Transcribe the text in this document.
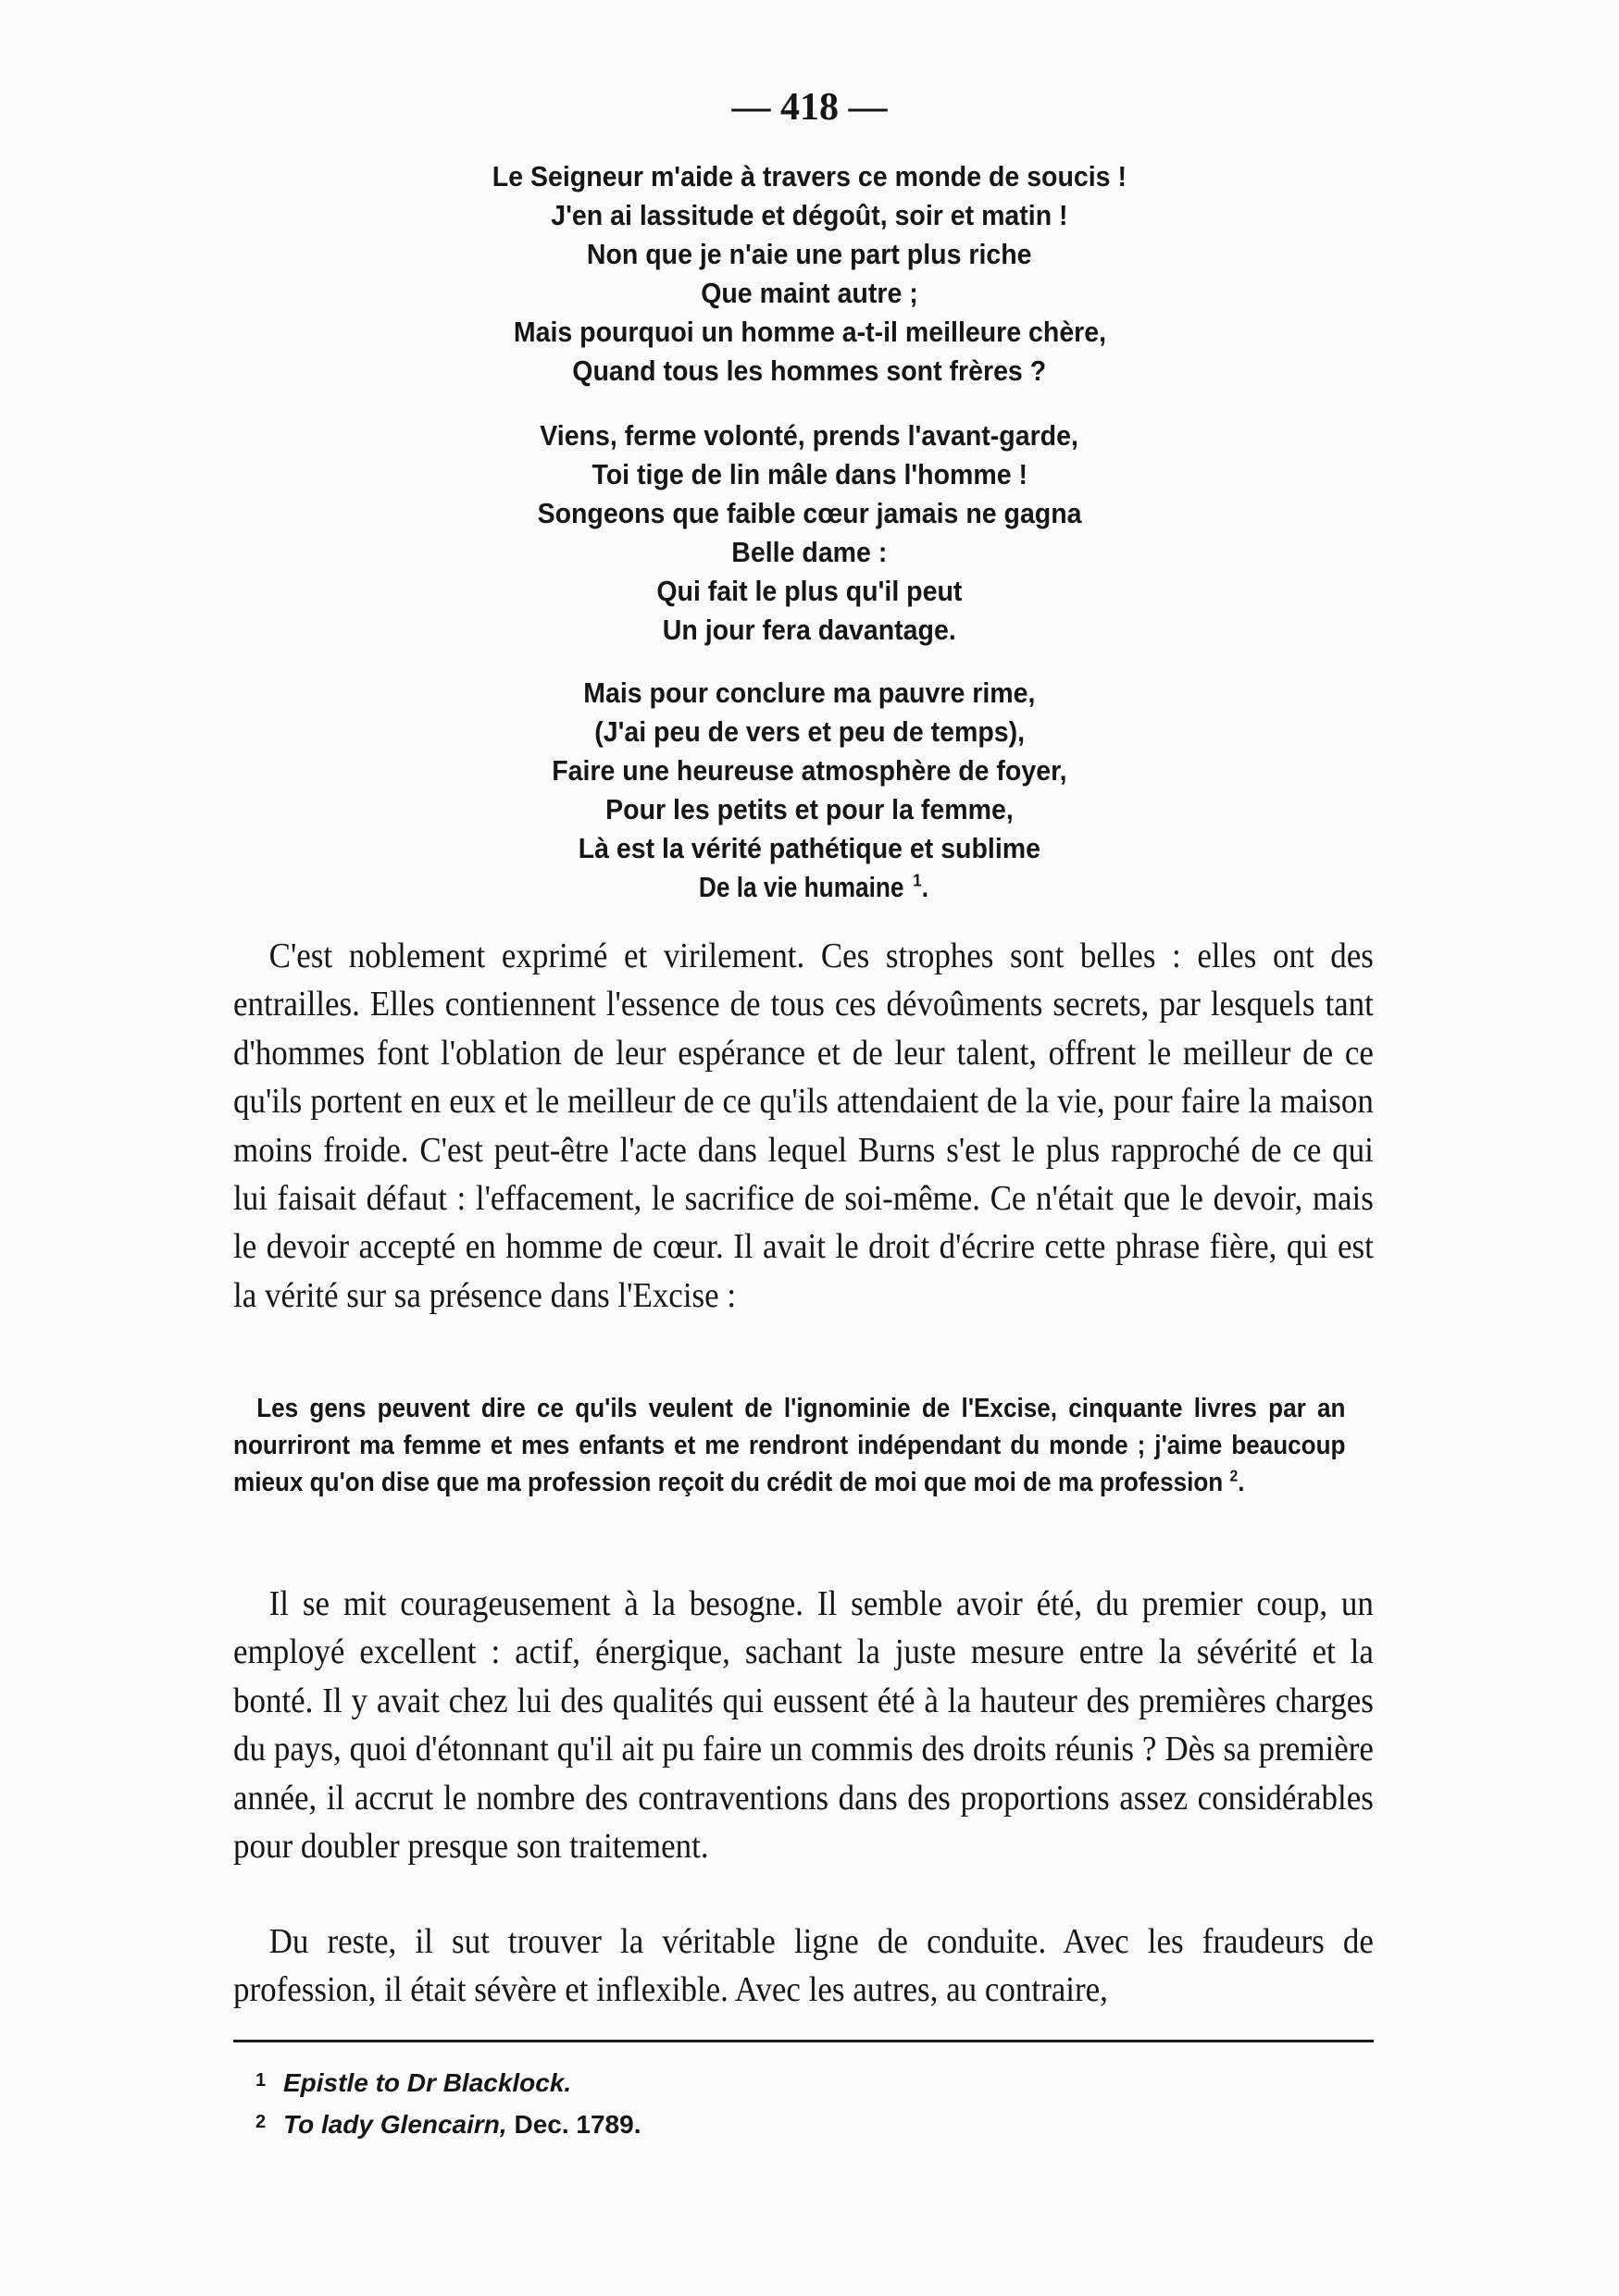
— 418 —
Le Seigneur m'aide à travers ce monde de soucis !
J'en ai lassitude et dégoût, soir et matin !
Non que je n'aie une part plus riche
Que maint autre ;
Mais pourquoi un homme a-t-il meilleure chère,
Quand tous les hommes sont frères ?
Viens, ferme volonté, prends l'avant-garde,
Toi tige de lin mâle dans l'homme !
Songeons que faible cœur jamais ne gagna
Belle dame :
Qui fait le plus qu'il peut
Un jour fera davantage.
Mais pour conclure ma pauvre rime,
(J'ai peu de vers et peu de temps),
Faire une heureuse atmosphère de foyer,
Pour les petits et pour la femme,
Là est la vérité pathétique et sublime
De la vie humaine $^1$.

C'est noblement exprimé et virilement. Ces strophes sont belles : elles ont des entrailles. Elles contiennent l'essence de tous ces dévoûments secrets, par lesquels tant d'hommes font l'oblation de leur espérance et de leur talent, offrent le meilleur de ce qu'ils portent en eux et le meilleur de ce qu'ils attendaient de la vie, pour faire la maison moins froide. C'est peut-être l'acte dans lequel Burns s'est le plus rapproché de ce qui lui faisait défaut : l'effacement, le sacrifice de soi-même. Ce n'était que le devoir, mais le devoir accepté en homme de cœur. Il avait le droit d'écrire cette phrase fière, qui est la vérité sur sa présence dans l'Excise :

Les gens peuvent dire ce qu'ils veulent de l'ignominie de l'Excise, cinquante livres par an nourriront ma femme et mes enfants et me rendront indépendant du monde ; j'aime beaucoup mieux qu'on dise que ma profession reçoit du crédit de moi que moi de ma profession $^2$.

Il se mit courageusement à la besogne. Il semble avoir été, du premier coup, un employé excellent : actif, énergique, sachant la juste mesure entre la sévérité et la bonté. Il y avait chez lui des qualités qui eussent été à la hauteur des premières charges du pays, quoi d'étonnant qu'il ait pu faire un commis des droits réunis ? Dès sa première année, il accrut le nombre des contraventions dans des proportions assez considérables pour doubler presque son traitement.

Du reste, il sut trouver la véritable ligne de conduite. Avec les fraudeurs de profession, il était sévère et inflexible. Avec les autres, au contraire,

1 Epistle to Dr Blacklock.
2 To lady Glencairn, Dec. 1789.
